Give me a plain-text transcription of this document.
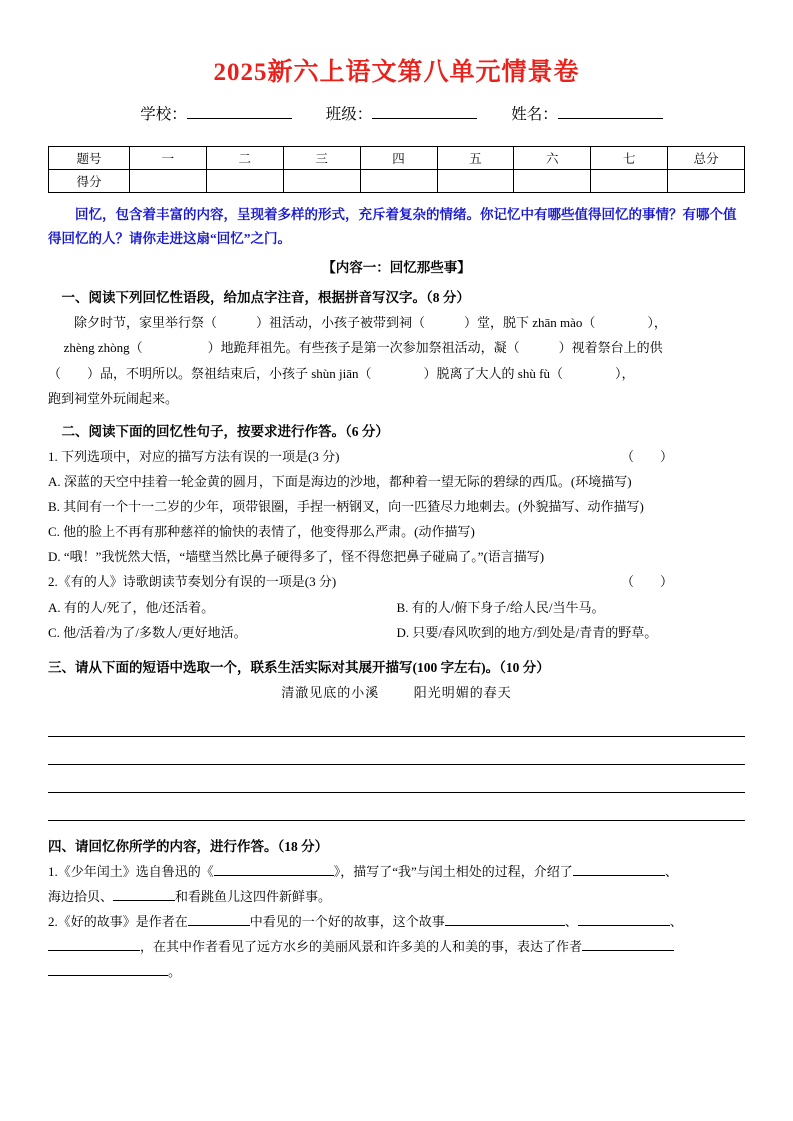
2025新六上语文第八单元情景卷
学校：	班级：	姓名：
题号	一	二	三	四	五	六	七	总分
得分								
回忆，包含着丰富的内容，呈现着多样的形式，充斥着复杂的情绪。你记忆中有哪些值得回忆的事情？有哪个值得回忆的人？请你走进这扇“回忆”之门。
【内容一：回忆那些事】
一、阅读下列回忆性语段，给加点字注音，根据拼音写汉字。（8 分）
除夕时节，家里举行祭（　　　）祖活动，小孩子被带到祠（　　　）堂，脱下 zhān mào（　　　　），
zhèng zhòng（　　　　　）地跪拜祖先。有些孩子是第一次参加祭祖活动，凝（　　　）视着祭台上的供
（　　）品，不明所以。祭祖结束后，小孩子 shùn jiān（　　　　）脱离了大人的 shù fù（　　　　），
跑到祠堂外玩闹起来。
二、阅读下面的回忆性句子，按要求进行作答。（6 分）
1. 下列选项中，对应的描写方法有误的一项是(3 分)	（　　）
A. 深蓝的天空中挂着一轮金黄的圆月，下面是海边的沙地，都种着一望无际的碧绿的西瓜。(环境描写)
B. 其间有一个十一二岁的少年，项带银圈，手捏一柄钢叉，向一匹猹尽力地刺去。(外貌描写、动作描写)
C. 他的脸上不再有那种慈祥的愉快的表情了，他变得那么严肃。(动作描写)
D. “哦！”我恍然大悟，“墙壁当然比鼻子硬得多了，怪不得您把鼻子碰扁了。”(语言描写)
2.《有的人》诗歌朗读节奏划分有误的一项是(3 分)	（　　）
A. 有的人/死了，他/还活着。	B. 有的人/俯下身子/给人民/当牛马。
C. 他/活着/为了/多数人/更好地活。	D. 只要/春风吹到的地方/到处是/青青的野草。
三、请从下面的短语中选取一个，联系生活实际对其展开描写(100 字左右)。（10 分）
清澈见底的小溪	阳光明媚的春天
四、请回忆你所学的内容，进行作答。（18 分）
1.《少年闰土》选自鲁迅的《	》，描写了“我”与闰土相处的过程，介绍了	、
海边拾贝、	和看跳鱼儿这四件新鲜事。
2.《好的故事》是作者在	中看见的一个好的故事，这个故事	、	、
，在其中作者看见了远方水乡的美丽风景和许多美的人和美的事，表达了作者
。
